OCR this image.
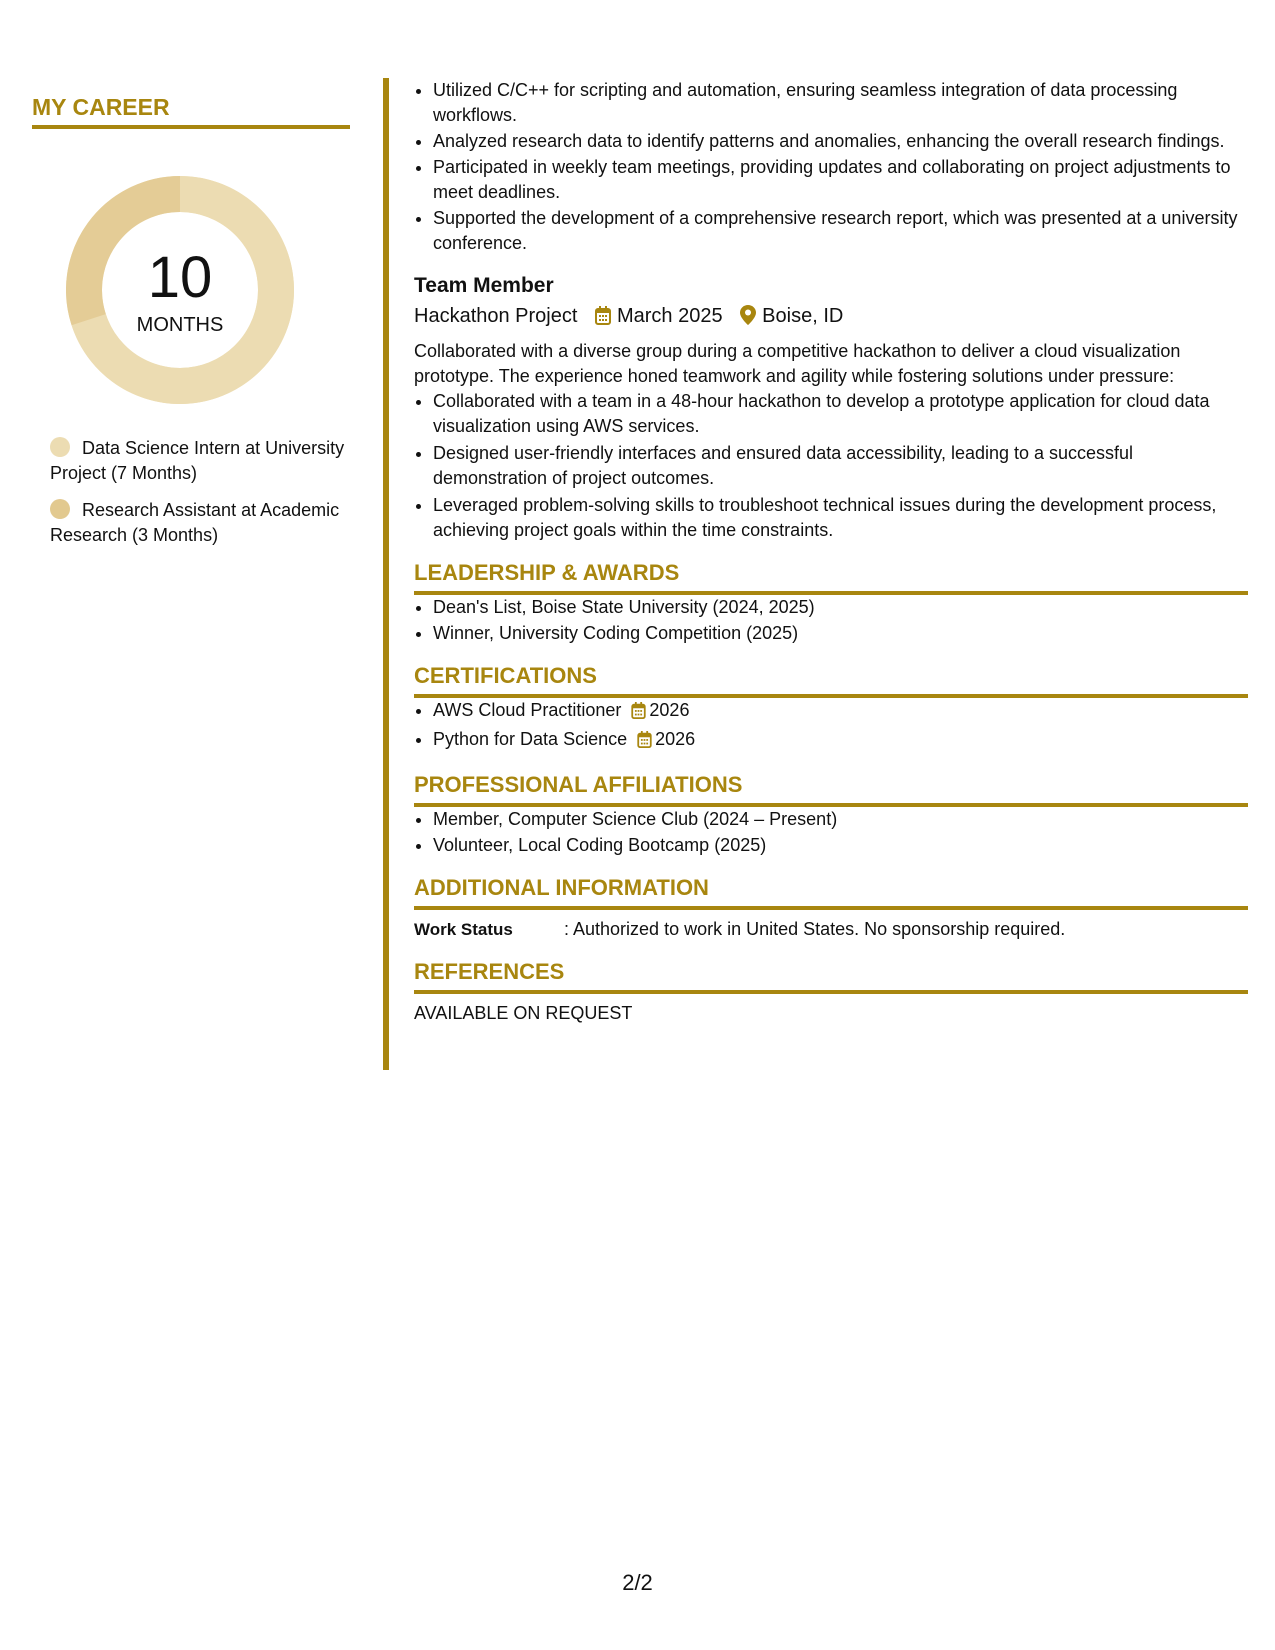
MY CAREER
10
MONTHS
Data Science Intern at University Project (7 Months)
Research Assistant at Academic Research (3 Months)
• Utilized C/C++ for scripting and automation, ensuring seamless integration of data processing workflows.
• Analyzed research data to identify patterns and anomalies, enhancing the overall research findings.
• Participated in weekly team meetings, providing updates and collaborating on project adjustments to meet deadlines.
• Supported the development of a comprehensive research report, which was presented at a university conference.
Team Member
Hackathon Project March 2025 Boise, ID
Collaborated with a diverse group during a competitive hackathon to deliver a cloud visualization prototype. The experience honed teamwork and agility while fostering solutions under pressure:
• Collaborated with a team in a 48-hour hackathon to develop a prototype application for cloud data visualization using AWS services.
• Designed user-friendly interfaces and ensured data accessibility, leading to a successful demonstration of project outcomes.
• Leveraged problem-solving skills to troubleshoot technical issues during the development process, achieving project goals within the time constraints.
LEADERSHIP & AWARDS
• Dean's List, Boise State University (2024, 2025)
• Winner, University Coding Competition (2025)
CERTIFICATIONS
• AWS Cloud Practitioner 2026
• Python for Data Science 2026
PROFESSIONAL AFFILIATIONS
• Member, Computer Science Club (2024 – Present)
• Volunteer, Local Coding Bootcamp (2025)
ADDITIONAL INFORMATION
Work Status	: Authorized to work in United States. No sponsorship required.
REFERENCES
AVAILABLE ON REQUEST
2/2
